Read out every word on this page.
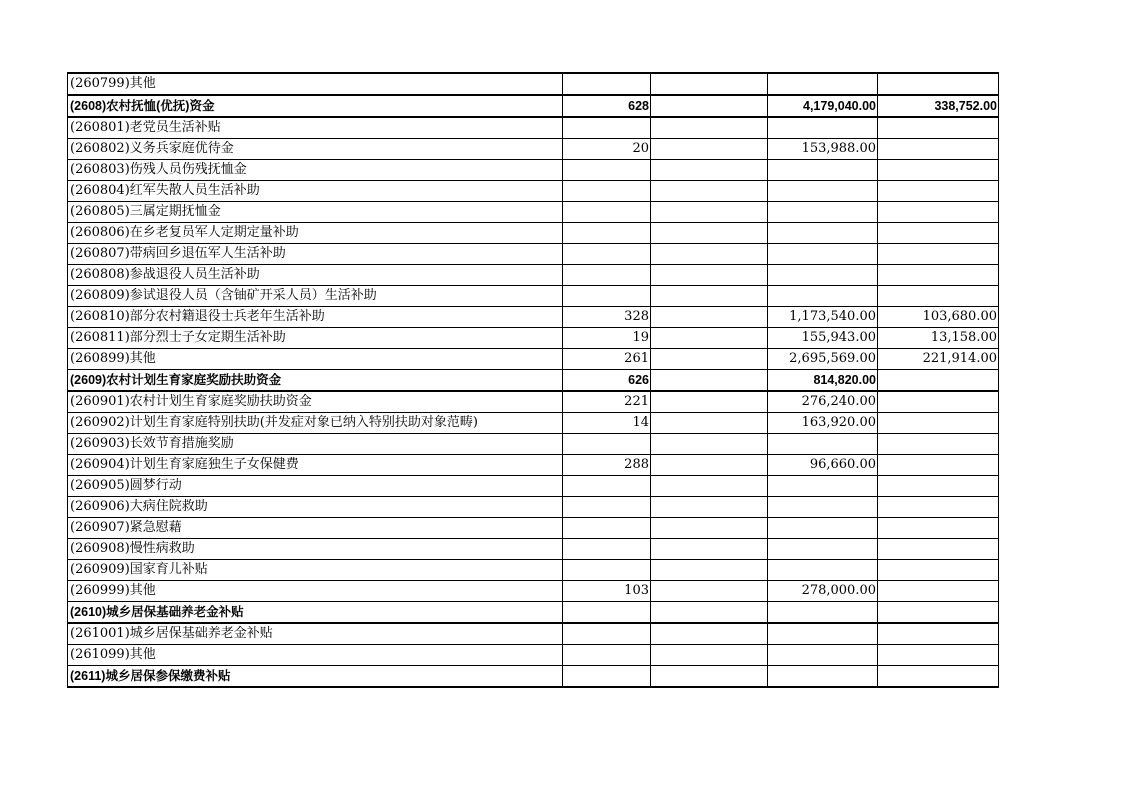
(260799)其他				
(2608)农村抚恤(优抚)资金	628		4,179,040.00	338,752.00
(260801)老党员生活补贴				
(260802)义务兵家庭优待金	20		153,988.00	
(260803)伤残人员伤残抚恤金				
(260804)红军失散人员生活补助				
(260805)三属定期抚恤金				
(260806)在乡老复员军人定期定量补助				
(260807)带病回乡退伍军人生活补助				
(260808)参战退役人员生活补助				
(260809)参试退役人员（含铀矿开采人员）生活补助				
(260810)部分农村籍退役士兵老年生活补助	328		1,173,540.00	103,680.00
(260811)部分烈士子女定期生活补助	19		155,943.00	13,158.00
(260899)其他	261		2,695,569.00	221,914.00
(2609)农村计划生育家庭奖励扶助资金	626		814,820.00	
(260901)农村计划生育家庭奖励扶助资金	221		276,240.00	
(260902)计划生育家庭特别扶助(并发症对象已纳入特别扶助对象范畴)	14		163,920.00	
(260903)长效节育措施奖励				
(260904)计划生育家庭独生子女保健费	288		96,660.00	
(260905)圆梦行动				
(260906)大病住院救助				
(260907)紧急慰藉				
(260908)慢性病救助				
(260909)国家育儿补贴				
(260999)其他	103		278,000.00	
(2610)城乡居保基础养老金补贴				
(261001)城乡居保基础养老金补贴				
(261099)其他				
(2611)城乡居保参保缴费补贴				
